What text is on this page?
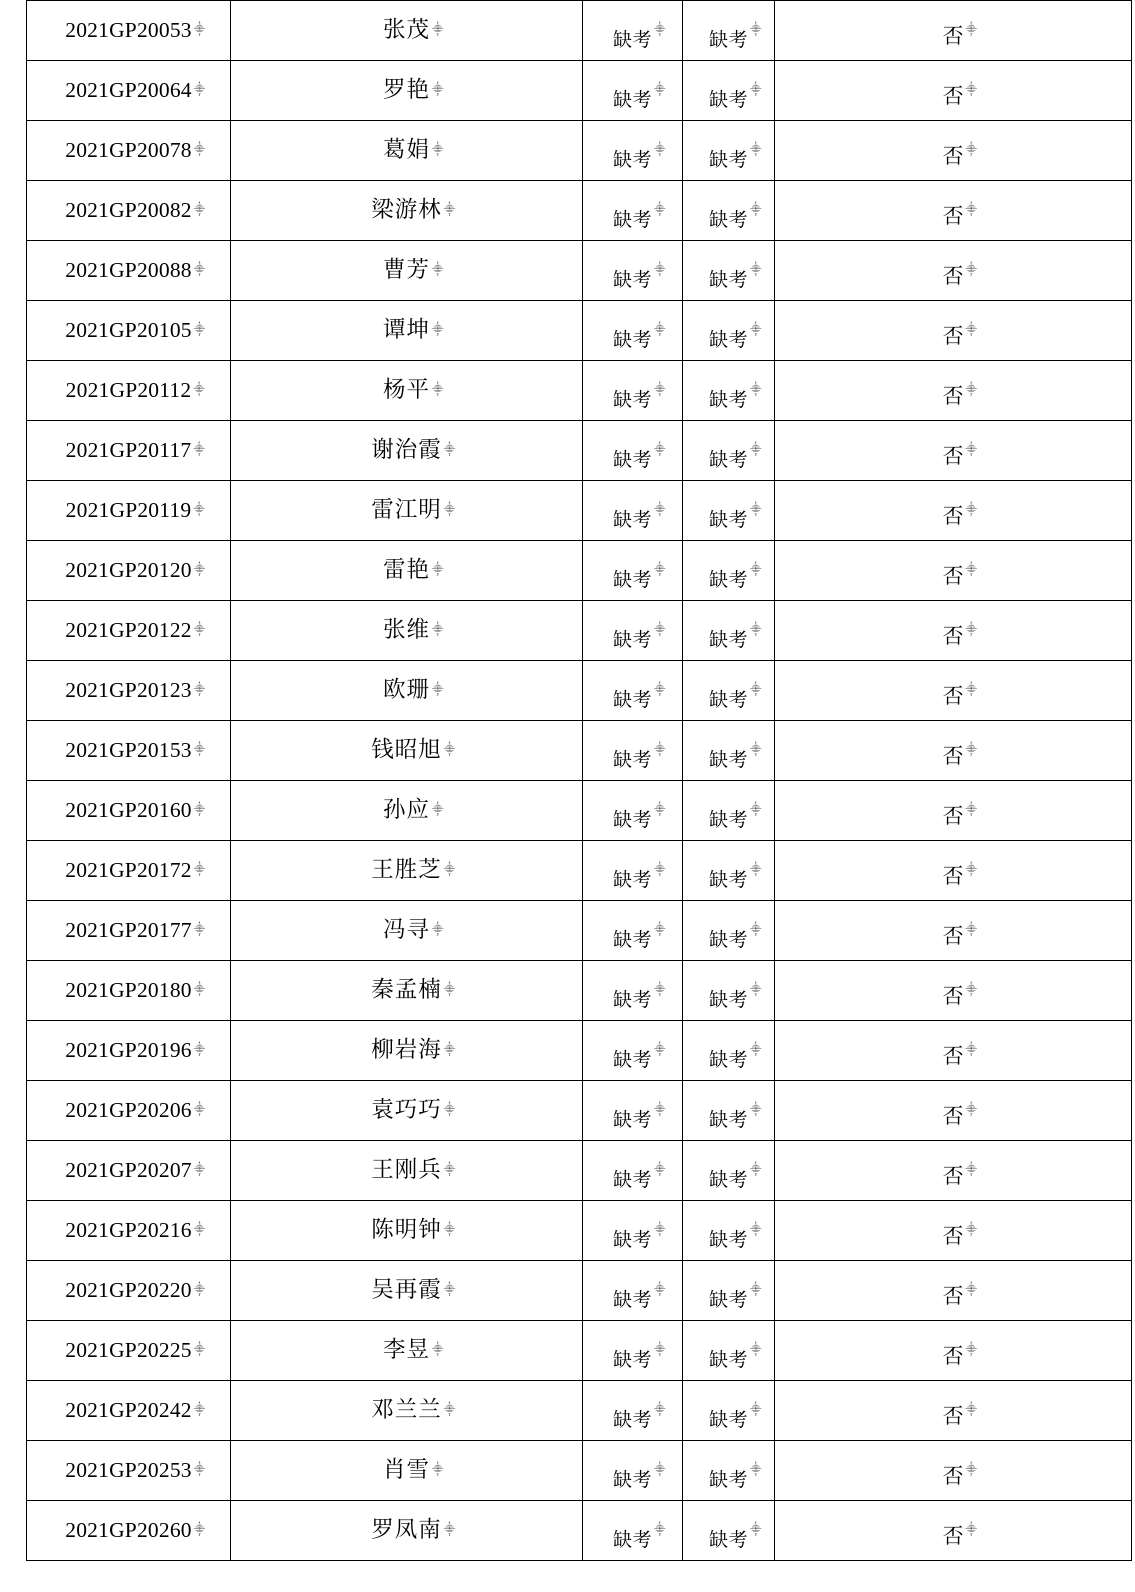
2021GP20053	张茂	缺考	缺考	否
2021GP20064	罗艳	缺考	缺考	否
2021GP20078	葛娟	缺考	缺考	否
2021GP20082	梁游林	缺考	缺考	否
2021GP20088	曹芳	缺考	缺考	否
2021GP20105	谭坤	缺考	缺考	否
2021GP20112	杨平	缺考	缺考	否
2021GP20117	谢治霞	缺考	缺考	否
2021GP20119	雷江明	缺考	缺考	否
2021GP20120	雷艳	缺考	缺考	否
2021GP20122	张维	缺考	缺考	否
2021GP20123	欧珊	缺考	缺考	否
2021GP20153	钱昭旭	缺考	缺考	否
2021GP20160	孙应	缺考	缺考	否
2021GP20172	王胜芝	缺考	缺考	否
2021GP20177	冯寻	缺考	缺考	否
2021GP20180	秦孟楠	缺考	缺考	否
2021GP20196	柳岩海	缺考	缺考	否
2021GP20206	袁巧巧	缺考	缺考	否
2021GP20207	王刚兵	缺考	缺考	否
2021GP20216	陈明钟	缺考	缺考	否
2021GP20220	吴再霞	缺考	缺考	否
2021GP20225	李昱	缺考	缺考	否
2021GP20242	邓兰兰	缺考	缺考	否
2021GP20253	肖雪	缺考	缺考	否
2021GP20260	罗凤南	缺考	缺考	否
